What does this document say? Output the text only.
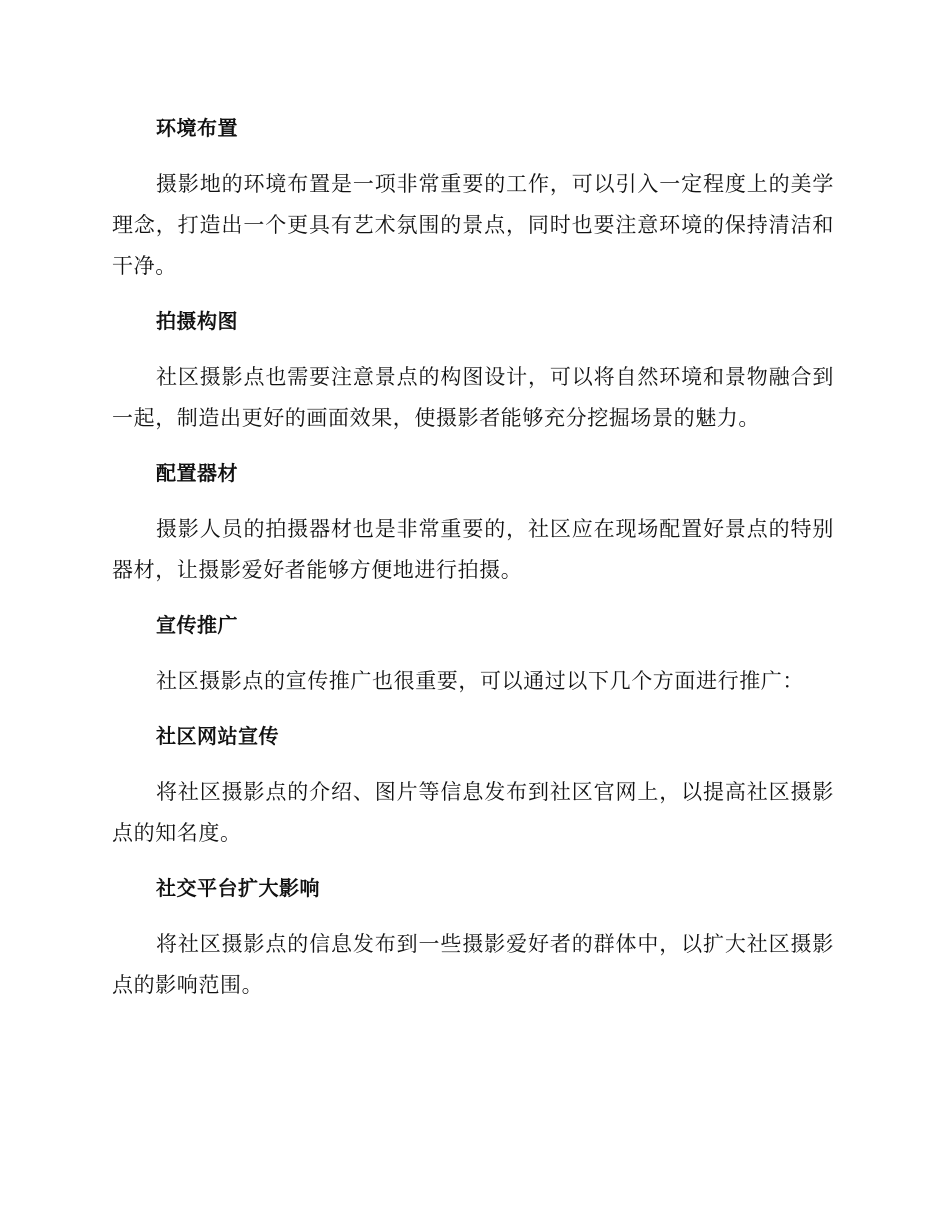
环境布置

摄影地的环境布置是一项非常重要的工作，可以引入一定程度上的美学理念，打造出一个更具有艺术氛围的景点，同时也要注意环境的保持清洁和干净。

拍摄构图

社区摄影点也需要注意景点的构图设计，可以将自然环境和景物融合到一起，制造出更好的画面效果，使摄影者能够充分挖掘场景的魅力。

配置器材

摄影人员的拍摄器材也是非常重要的，社区应在现场配置好景点的特别器材，让摄影爱好者能够方便地进行拍摄。

宣传推广

社区摄影点的宣传推广也很重要，可以通过以下几个方面进行推广：

社区网站宣传

将社区摄影点的介绍、图片等信息发布到社区官网上，以提高社区摄影点的知名度。

社交平台扩大影响

将社区摄影点的信息发布到一些摄影爱好者的群体中，以扩大社区摄影点的影响范围。
